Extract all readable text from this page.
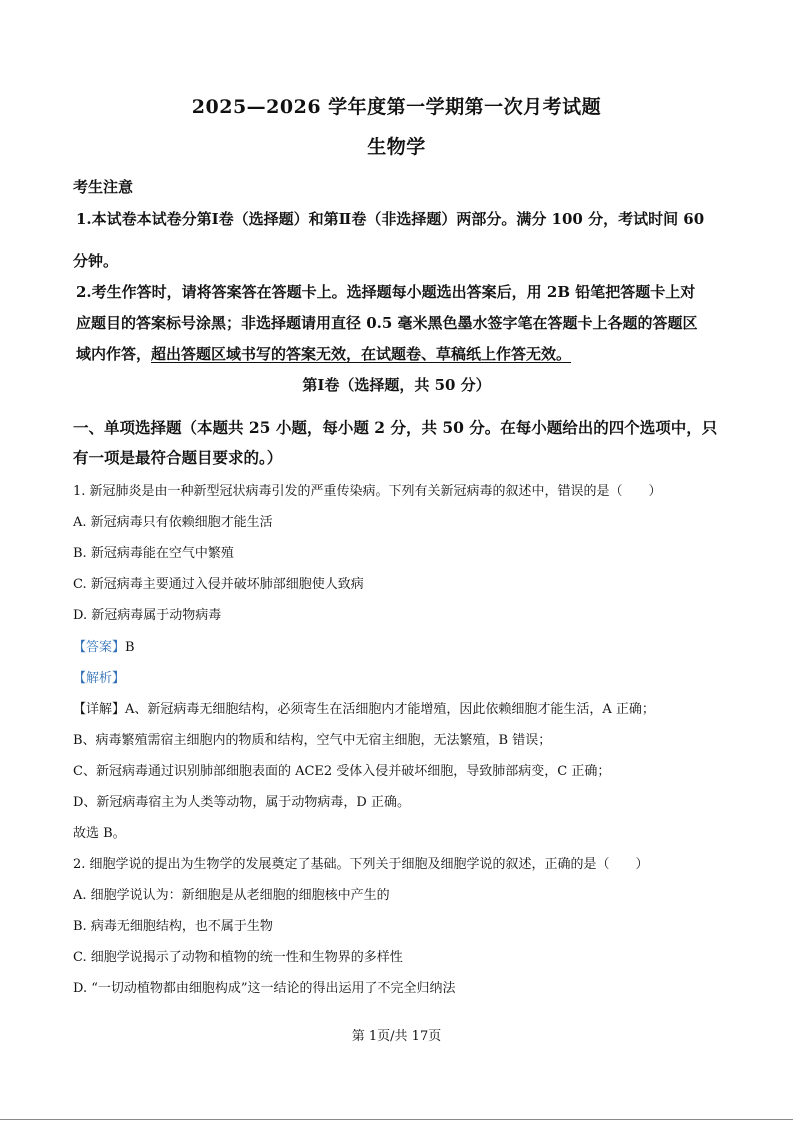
2025—2026 学年度第一学期第一次月考试题
生物学
考生注意
1.本试卷本试卷分第Ⅰ卷（选择题）和第Ⅱ卷（非选择题）两部分。满分 100 分，考试时间 60
分钟。
2.考生作答时，请将答案答在答题卡上。选择题每小题选出答案后，用 2B 铅笔把答题卡上对
应题目的答案标号涂黑；非选择题请用直径 0.5 毫米黑色墨水签字笔在答题卡上各题的答题区
域内作答，超出答题区域书写的答案无效，在试题卷、草稿纸上作答无效。
第Ⅰ卷（选择题，共 50 分）
一、单项选择题（本题共 25 小题，每小题 2 分，共 50 分。在每小题给出的四个选项中，只
有一项是最符合题目要求的。）
1. 新冠肺炎是由一种新型冠状病毒引发的严重传染病。下列有关新冠病毒的叙述中，错误的是（　　）
A. 新冠病毒只有依赖细胞才能生活
B. 新冠病毒能在空气中繁殖
C. 新冠病毒主要通过入侵并破坏肺部细胞使人致病
D. 新冠病毒属于动物病毒
【答案】B
【解析】
【详解】A、新冠病毒无细胞结构，必须寄生在活细胞内才能增殖，因此依赖细胞才能生活，A 正确；
B、病毒繁殖需宿主细胞内的物质和结构，空气中无宿主细胞，无法繁殖，B 错误；
C、新冠病毒通过识别肺部细胞表面的 ACE2 受体入侵并破坏细胞，导致肺部病变，C 正确；
D、新冠病毒宿主为人类等动物，属于动物病毒，D 正确。
故选 B。
2. 细胞学说的提出为生物学的发展奠定了基础。下列关于细胞及细胞学说的叙述，正确的是（　　）
A. 细胞学说认为：新细胞是从老细胞的细胞核中产生的
B. 病毒无细胞结构，也不属于生物
C. 细胞学说揭示了动物和植物的统一性和生物界的多样性
D. “一切动植物都由细胞构成”这一结论的得出运用了不完全归纳法
第 1页/共 17页
